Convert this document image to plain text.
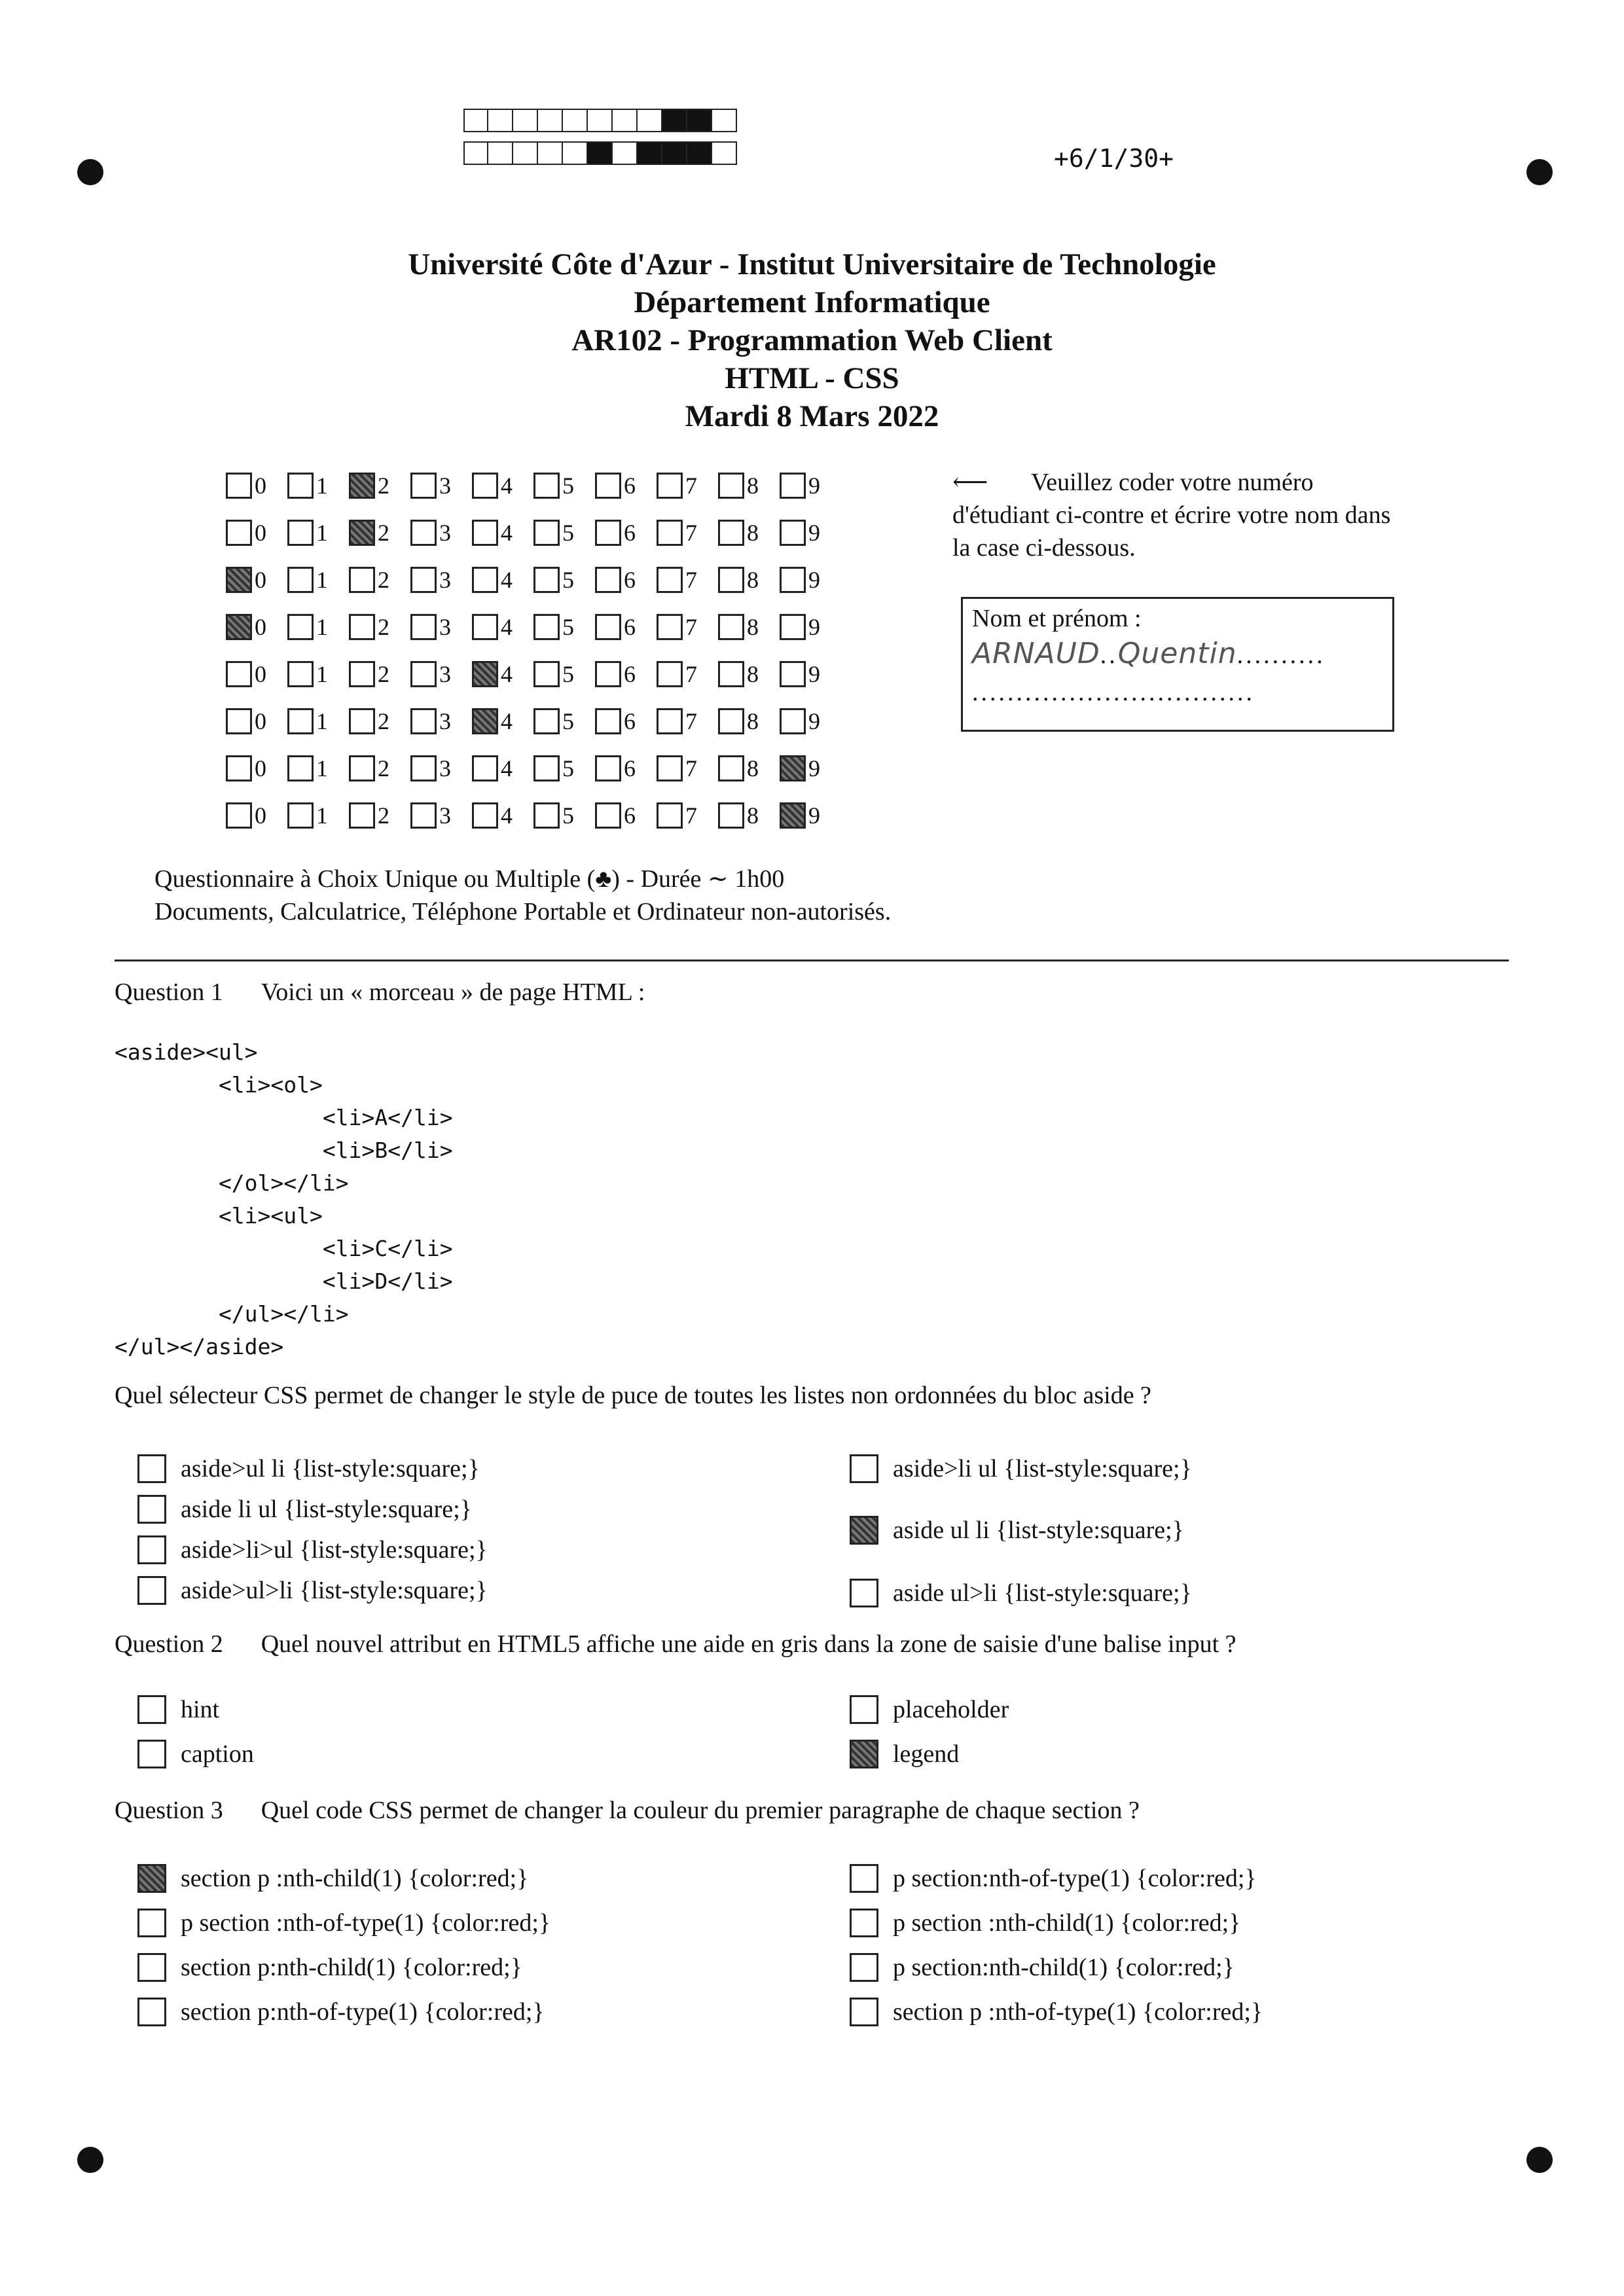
+6/1/30+
Université Côte d'Azur - Institut Universitaire de Technologie
Département Informatique
AR102 - Programmation Web Client
HTML - CSS
Mardi 8 Mars 2022
0 1 2 3 4 5 6 7 8 9
0 1 2 3 4 5 6 7 8 9
0 1 2 3 4 5 6 7 8 9
0 1 2 3 4 5 6 7 8 9
0 1 2 3 4 5 6 7 8 9
0 1 2 3 4 5 6 7 8 9
0 1 2 3 4 5 6 7 8 9
0 1 2 3 4 5 6 7 8 9
⟵ Veuillez coder votre numéro d'étudiant ci-contre et écrire votre nom dans la case ci-dessous.
Nom et prénom :
ARNAUD..Quentin..........
................................
Questionnaire à Choix Unique ou Multiple (♣) - Durée ∼ 1h00
Documents, Calculatrice, Téléphone Portable et Ordinateur non-autorisés.
Question 1 Voici un « morceau » de page HTML :
<aside><ul>
<li><ol>
<li>A</li>
<li>B</li>
</ol></li>
<li><ul>
<li>C</li>
<li>D</li>
</ul></li>
</ul></aside>
Quel sélecteur CSS permet de changer le style de puce de toutes les listes non ordonnées du bloc aside ?
Question 2 Quel nouvel attribut en HTML5 affiche une aide en gris dans la zone de saisie d'une balise input ?
Question 3 Quel code CSS permet de changer la couleur du premier paragraphe de chaque section ?
aside>ul li {list-style:square;}
aside li ul {list-style:square;}
aside>li>ul {list-style:square;}
aside>ul>li {list-style:square;}
aside>li ul {list-style:square;}
aside ul li {list-style:square;}
aside ul>li {list-style:square;}
hint
caption
placeholder
legend
section p :nth-child(1) {color:red;}
p section :nth-of-type(1) {color:red;}
section p:nth-child(1) {color:red;}
section p:nth-of-type(1) {color:red;}
p section:nth-of-type(1) {color:red;}
p section :nth-child(1) {color:red;}
p section:nth-child(1) {color:red;}
section p :nth-of-type(1) {color:red;}
